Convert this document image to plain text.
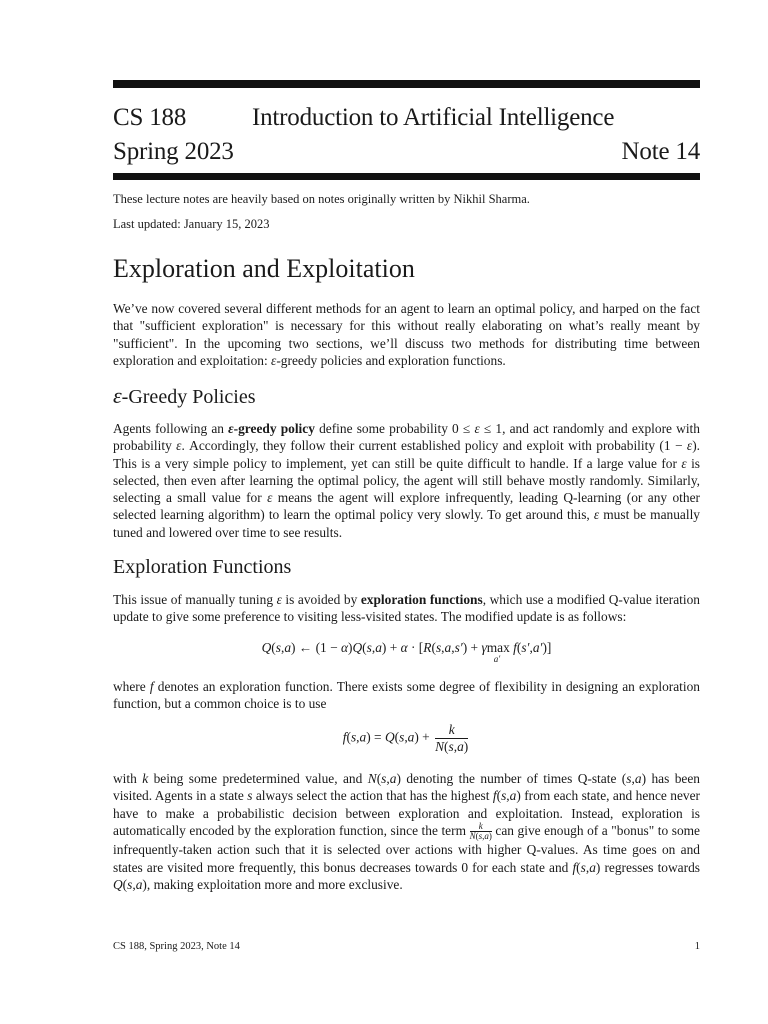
CS 188	Introduction to Artificial Intelligence
Spring 2023	Note 14
These lecture notes are heavily based on notes originally written by Nikhil Sharma.
Last updated: January 15, 2023
Exploration and Exploitation
We’ve now covered several different methods for an agent to learn an optimal policy, and harped on the fact that "sufficient exploration" is necessary for this without really elaborating on what’s really meant by "sufficient". In the upcoming two sections, we’ll discuss two methods for distributing time between exploration and exploitation: ε-greedy policies and exploration functions.
ε-Greedy Policies
Agents following an ε-greedy policy define some probability 0 ≤ ε ≤ 1, and act randomly and explore with probability ε. Accordingly, they follow their current established policy and exploit with probability (1 − ε). This is a very simple policy to implement, yet can still be quite difficult to handle. If a large value for ε is selected, then even after learning the optimal policy, the agent will still behave mostly randomly. Similarly, selecting a small value for ε means the agent will explore infrequently, leading Q-learning (or any other selected learning algorithm) to learn the optimal policy very slowly. To get around this, ε must be manually tuned and lowered over time to see results.
Exploration Functions
This issue of manually tuning ε is avoided by exploration functions, which use a modified Q-value iteration update to give some preference to visiting less-visited states. The modified update is as follows:
Q(s,a) ← (1 − α)Q(s,a) + α · [R(s,a,s′) + γmax
a′
f(s′,a′)]
where f denotes an exploration function. There exists some degree of flexibility in designing an exploration function, but a common choice is to use
$f(s,a) = Q(s,a) + \frac{k}{N(s,a)}$
with k being some predetermined value, and N(s,a) denoting the number of times Q-state (s,a) has been visited. Agents in a state s always select the action that has the highest f(s,a) from each state, and hence never have to make a probabilistic decision between exploration and exploitation. Instead, exploration is automatically encoded by the exploration function, since the term $\frac{k}{N(s,a)}$ can give enough of a "bonus" to some infrequently-taken action such that it is selected over actions with higher Q-values. As time goes on and states are visited more frequently, this bonus decreases towards 0 for each state and f(s,a) regresses towards Q(s,a), making exploitation more and more exclusive.
CS 188, Spring 2023, Note 14	1
